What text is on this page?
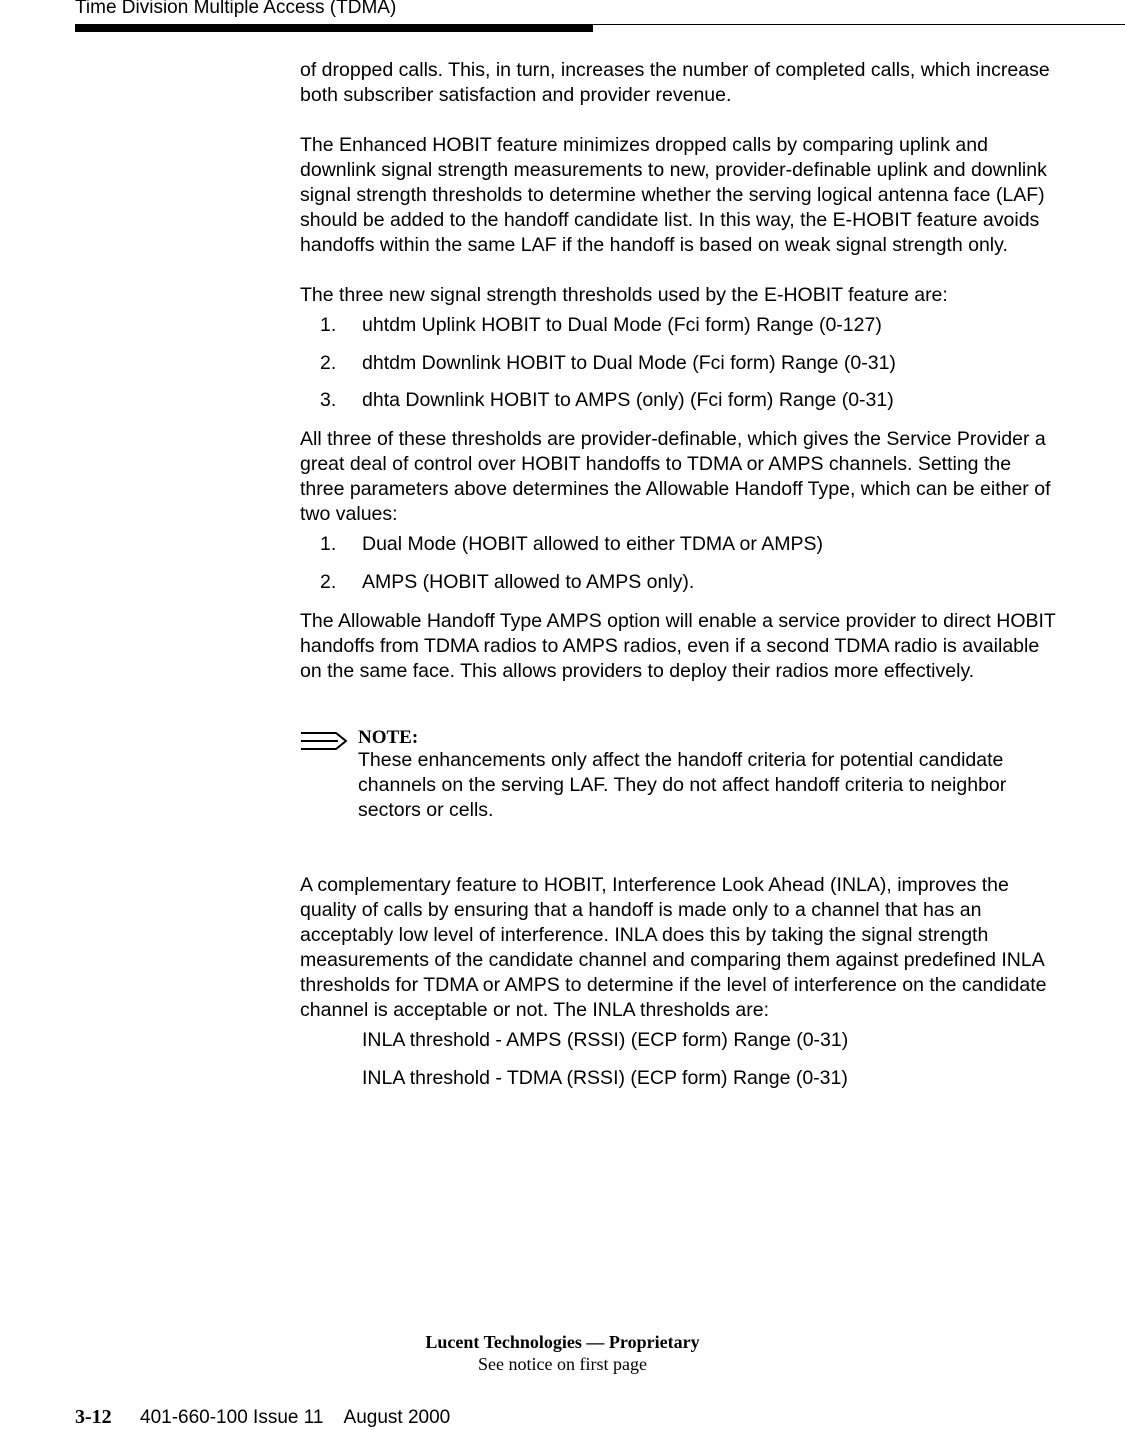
Time Division Multiple Access (TDMA)

of dropped calls. This, in turn, increases the number of completed calls, which increase both subscriber satisfaction and provider revenue.

The Enhanced HOBIT feature minimizes dropped calls by comparing uplink and downlink signal strength measurements to new, provider-definable uplink and downlink signal strength thresholds to determine whether the serving logical antenna face (LAF) should be added to the handoff candidate list. In this way, the E-HOBIT feature avoids handoffs within the same LAF if the handoff is based on weak signal strength only.

The three new signal strength thresholds used by the E-HOBIT feature are:

1.	uhtdm Uplink HOBIT to Dual Mode (Fci form) Range (0-127)
2.	dhtdm Downlink HOBIT to Dual Mode (Fci form) Range (0-31)
3.	dhta Downlink HOBIT to AMPS (only) (Fci form) Range (0-31)

All three of these thresholds are provider-definable, which gives the Service Provider a great deal of control over HOBIT handoffs to TDMA or AMPS channels. Setting the three parameters above determines the Allowable Handoff Type, which can be either of two values:

1.	Dual Mode (HOBIT allowed to either TDMA or AMPS)
2.	AMPS (HOBIT allowed to AMPS only).

The Allowable Handoff Type AMPS option will enable a service provider to direct HOBIT handoffs from TDMA radios to AMPS radios, even if a second TDMA radio is available on the same face. This allows providers to deploy their radios more effectively.

NOTE:
These enhancements only affect the handoff criteria for potential candidate channels on the serving LAF. They do not affect handoff criteria to neighbor sectors or cells.

A complementary feature to HOBIT, Interference Look Ahead (INLA), improves the quality of calls by ensuring that a handoff is made only to a channel that has an acceptably low level of interference. INLA does this by taking the signal strength measurements of the candidate channel and comparing them against predefined INLA thresholds for TDMA or AMPS to determine if the level of interference on the candidate channel is acceptable or not. The INLA thresholds are:

INLA threshold - AMPS (RSSI) (ECP form) Range (0-31)
INLA threshold - TDMA (RSSI) (ECP form) Range (0-31)
Lucent Technologies — Proprietary
See notice on first page
3-12 401-660-100 Issue 11    August 2000
